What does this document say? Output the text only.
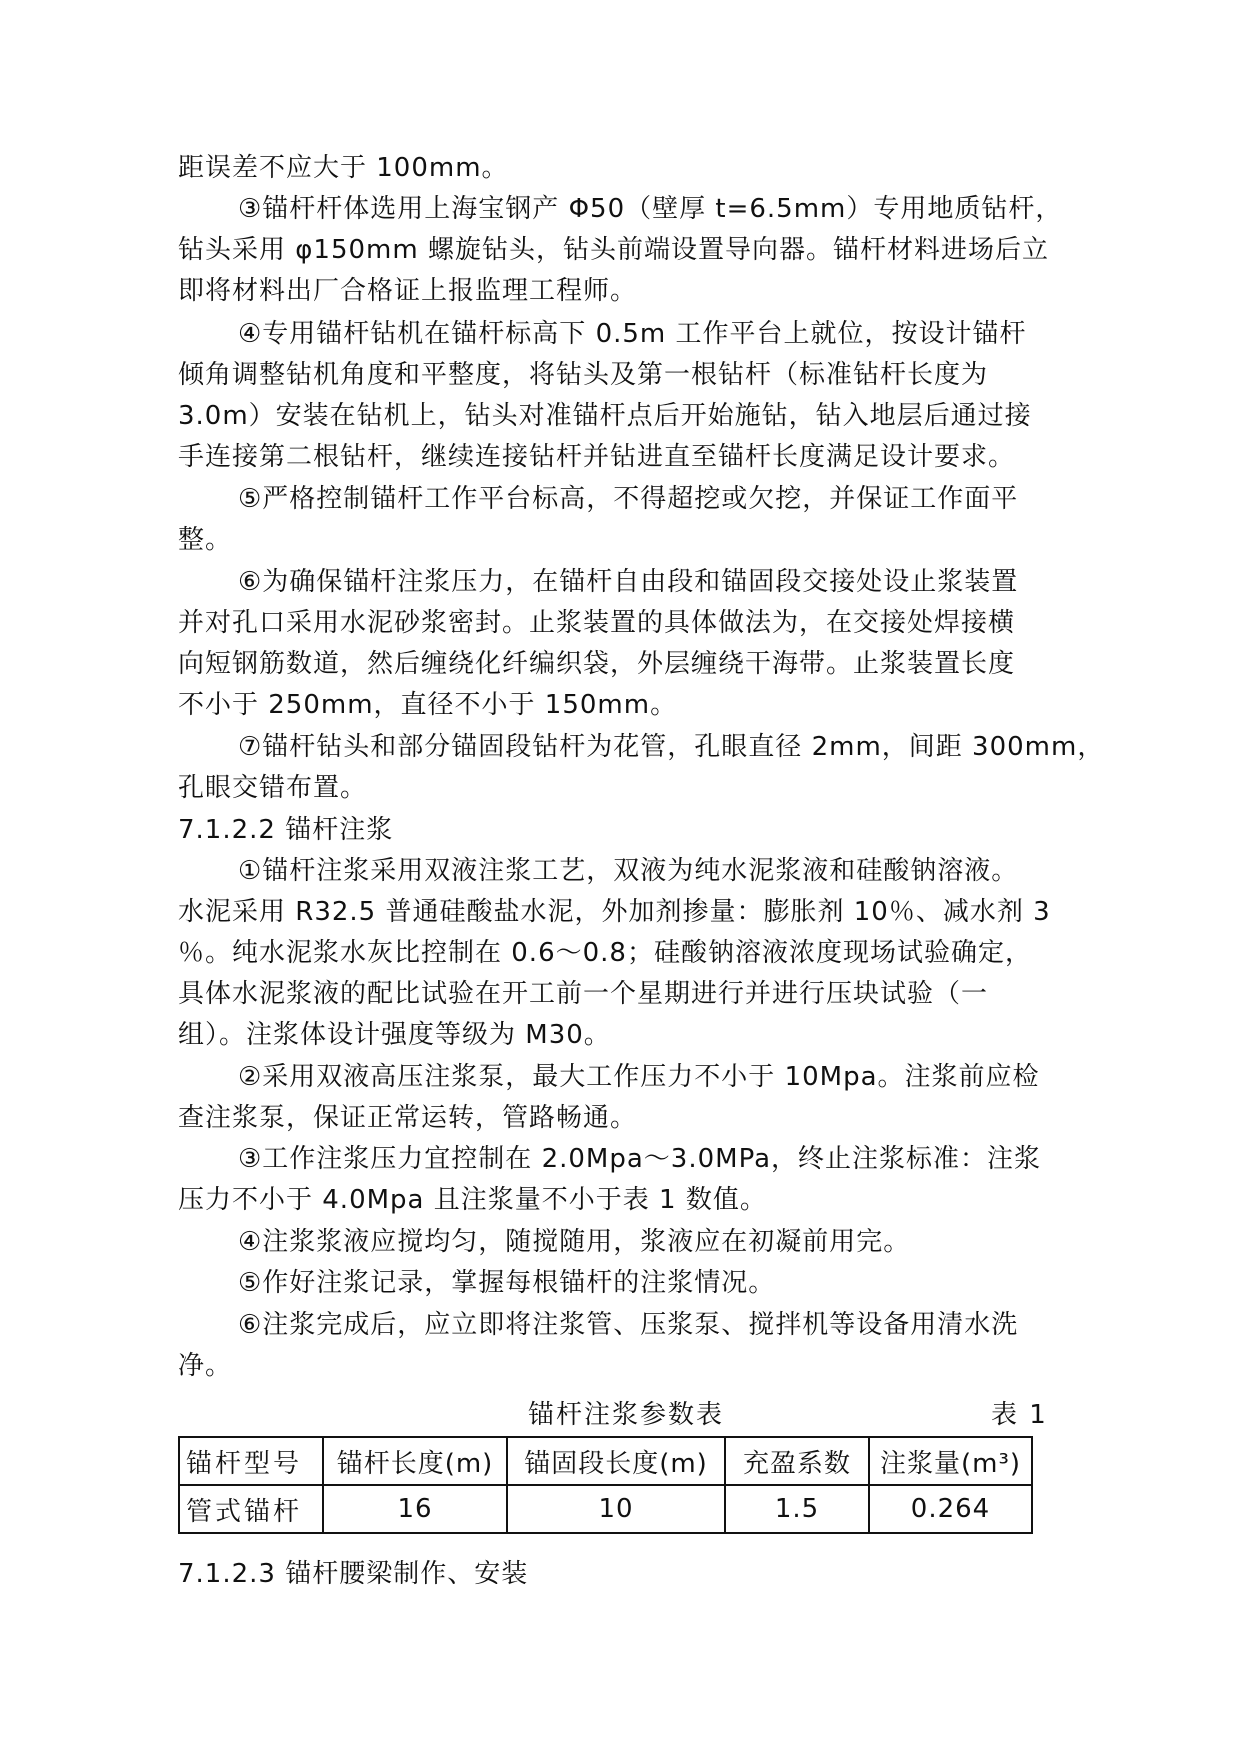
距误差不应大于 100mm。
③锚杆杆体选用上海宝钢产 Φ50（壁厚 t=6.5mm）专用地质钻杆，
钻头采用 φ150mm 螺旋钻头，钻头前端设置导向器。锚杆材料进场后立
即将材料出厂合格证上报监理工程师。
④专用锚杆钻机在锚杆标高下 0.5m 工作平台上就位，按设计锚杆
倾角调整钻机角度和平整度，将钻头及第一根钻杆（标准钻杆长度为
3.0m）安装在钻机上，钻头对准锚杆点后开始施钻，钻入地层后通过接
手连接第二根钻杆，继续连接钻杆并钻进直至锚杆长度满足设计要求。
⑤严格控制锚杆工作平台标高，不得超挖或欠挖，并保证工作面平
整。
⑥为确保锚杆注浆压力，在锚杆自由段和锚固段交接处设止浆装置
并对孔口采用水泥砂浆密封。止浆装置的具体做法为，在交接处焊接横
向短钢筋数道，然后缠绕化纤编织袋，外层缠绕干海带。止浆装置长度
不小于 250mm，直径不小于 150mm。
⑦锚杆钻头和部分锚固段钻杆为花管，孔眼直径 2mm，间距 300mm，
孔眼交错布置。
7.1.2.2 锚杆注浆
①锚杆注浆采用双液注浆工艺，双液为纯水泥浆液和硅酸钠溶液。
水泥采用 R32.5 普通硅酸盐水泥，外加剂掺量：膨胀剂 10％、减水剂 3
％。纯水泥浆水灰比控制在 0.6～0.8；硅酸钠溶液浓度现场试验确定，
具体水泥浆液的配比试验在开工前一个星期进行并进行压块试验（一
组）。注浆体设计强度等级为 M30。
②采用双液高压注浆泵，最大工作压力不小于 10Mpa。注浆前应检
查注浆泵，保证正常运转，管路畅通。
③工作注浆压力宜控制在 2.0Mpa～3.0MPa，终止注浆标准：注浆
压力不小于 4.0Mpa 且注浆量不小于表 1 数值。
④注浆浆液应搅均匀，随搅随用，浆液应在初凝前用完。
⑤作好注浆记录，掌握每根锚杆的注浆情况。
⑥注浆完成后，应立即将注浆管、压浆泵、搅拌机等设备用清水洗
净。
锚杆注浆参数表	表 1
锚杆型号	锚杆长度(m)	锚固段长度(m)	充盈系数	注浆量(m³)
管式锚杆	16	10	1.5	0.264
7.1.2.3 锚杆腰梁制作、安装
